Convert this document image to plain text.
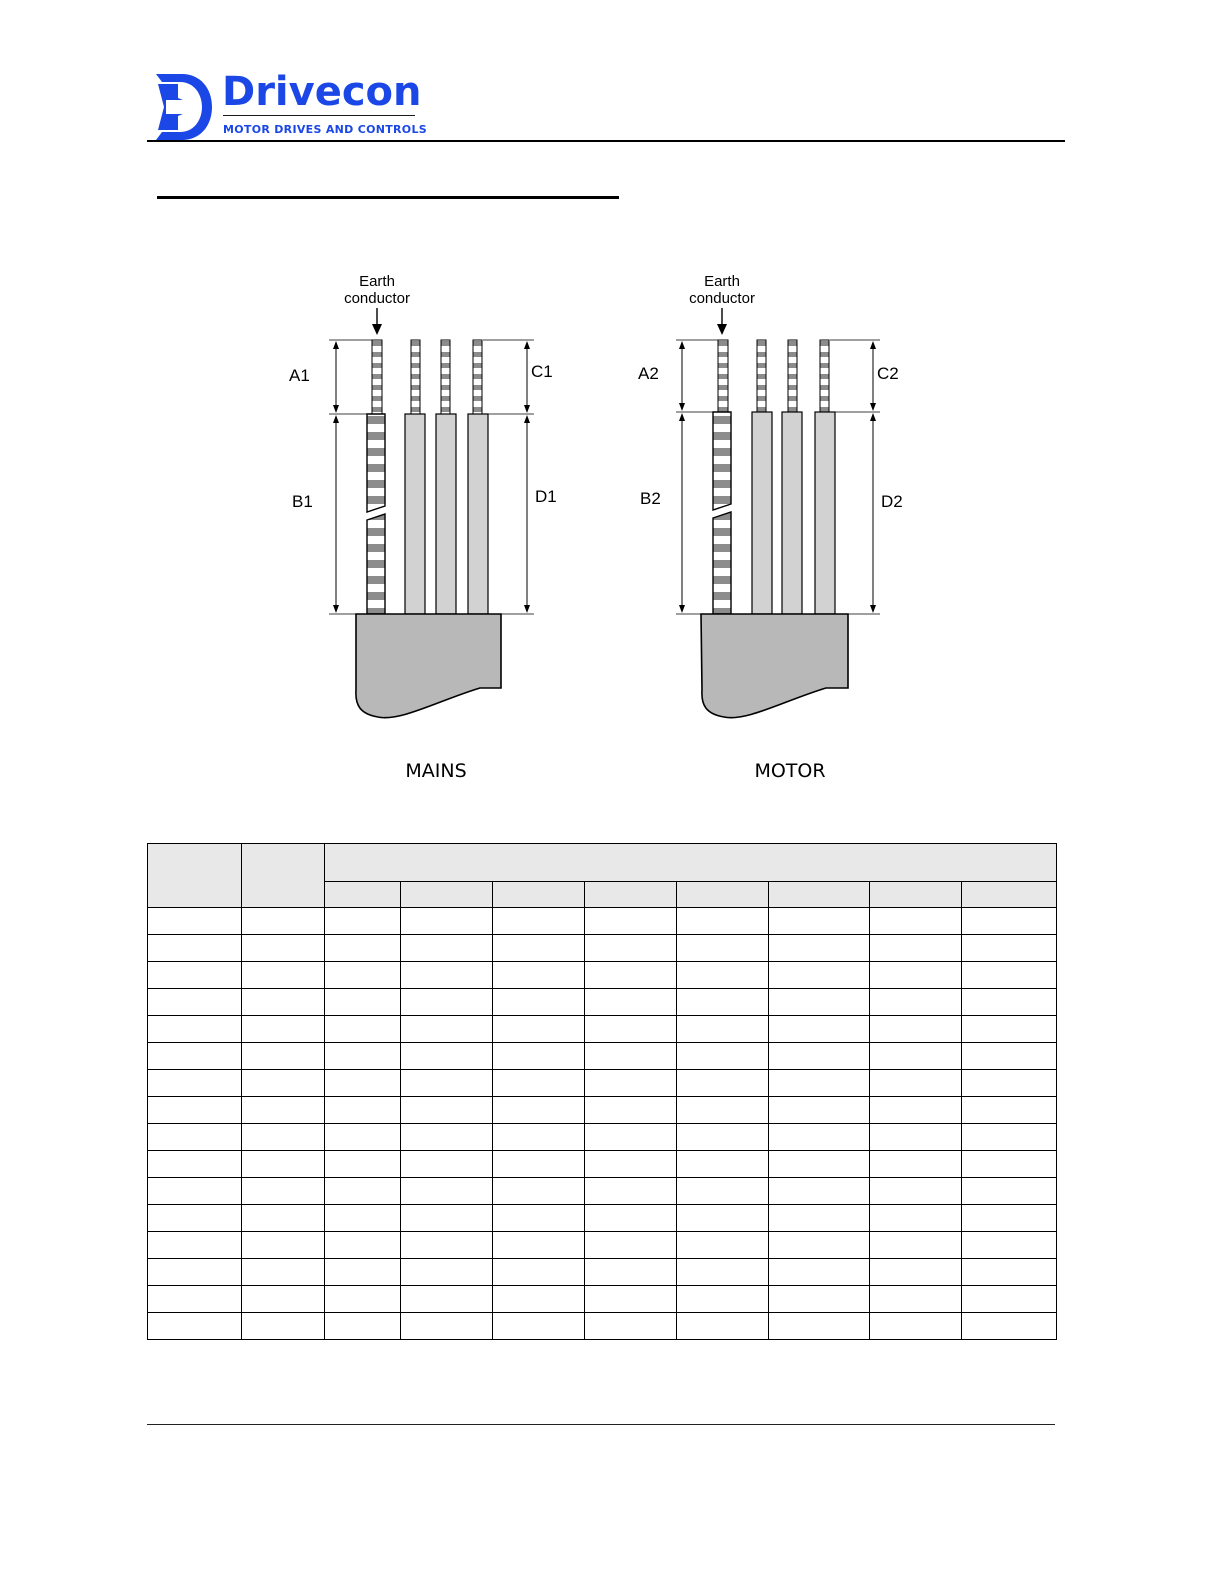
Drivecon
MOTOR DRIVES AND CONTROLS
Earth
conductor
A1
B1
C1
D1
MAINS
Earth
conductor
A2
B2
C2
D2
MOTOR
